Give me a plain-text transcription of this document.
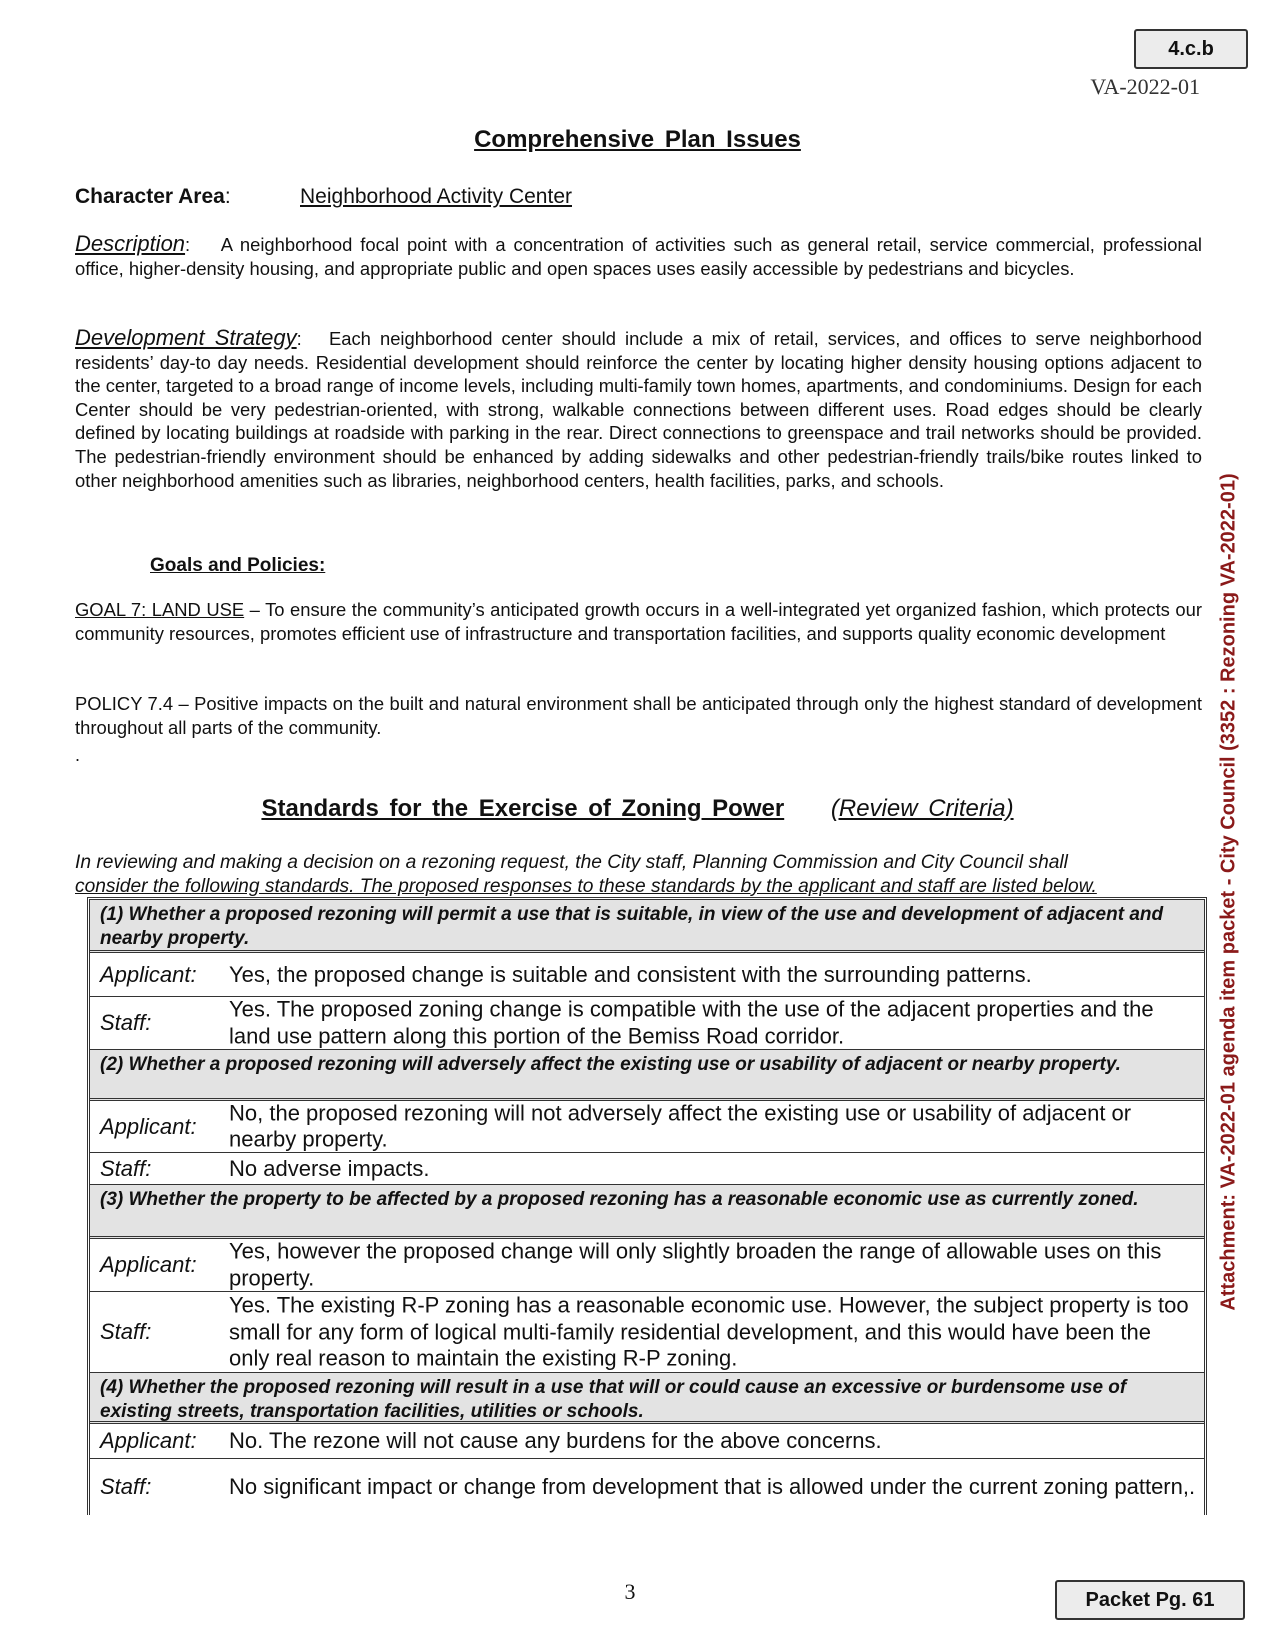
4.c.b
VA-2022-01
Comprehensive Plan Issues
Character Area:	Neighborhood Activity Center
Description:    A neighborhood focal point with a concentration of activities such as general retail, service commercial, professional office, higher-density housing, and appropriate public and open spaces uses easily accessible by pedestrians and bicycles.
Development Strategy:   Each neighborhood center should include a mix of retail, services, and offices to serve neighborhood residents’ day-to day needs. Residential development should reinforce the center by locating higher density housing options adjacent to the center, targeted to a broad range of income levels, including multi-family town homes, apartments, and condominiums. Design for each Center should be very pedestrian-oriented, with strong, walkable connections between different uses. Road edges should be clearly defined by locating buildings at roadside with parking in the rear. Direct connections to greenspace and trail networks should be provided. The pedestrian-friendly environment should be enhanced by adding sidewalks and other pedestrian-friendly trails/bike routes linked to other neighborhood amenities such as libraries, neighborhood centers, health facilities, parks, and schools.
Goals and Policies:
GOAL 7: LAND USE – To ensure the community’s anticipated growth occurs in a well-integrated yet organized fashion, which protects our community resources, promotes efficient use of infrastructure and transportation facilities, and supports quality economic development
POLICY 7.4 – Positive impacts on the built and natural environment shall be anticipated through only the highest standard of development throughout all parts of the community.
.
Standards for the Exercise of Zoning Power (Review Criteria)
In reviewing and making a decision on a rezoning request, the City staff, Planning Commission and City Council shall
consider the following standards. The proposed responses to these standards by the applicant and staff are listed below.
(1) Whether a proposed rezoning will permit a use that is suitable, in view of the use and development of adjacent and nearby property.
Applicant: Yes, the proposed change is suitable and consistent with the surrounding patterns.
Staff:
Yes. The proposed zoning change is compatible with the use of the adjacent properties and the land use pattern along this portion of the Bemiss Road corridor.
(2) Whether a proposed rezoning will adversely affect the existing use or usability of adjacent or nearby property.
Applicant:
No, the proposed rezoning will not adversely affect the existing use or usability of adjacent or nearby property.
Staff:	No adverse impacts.
(3) Whether the property to be affected by a proposed rezoning has a reasonable economic use as currently zoned.
Applicant:
Yes, however the proposed change will only slightly broaden the range of allowable uses on this property.
Staff:
Yes. The existing R-P zoning has a reasonable economic use. However, the subject property is too small for any form of logical multi-family residential development, and this would have been the only real reason to maintain the existing R-P zoning.
(4) Whether the proposed rezoning will result in a use that will or could cause an excessive or burdensome use of existing streets, transportation facilities, utilities or schools.
Applicant: No. The rezone will not cause any burdens for the above concerns.
Staff:	No significant impact or change from development that is allowed under the current zoning pattern,.
Attachment: VA-2022-01 agenda item packet - City Council (3352 : Rezoning VA-2022-01)
3	Packet Pg. 61
